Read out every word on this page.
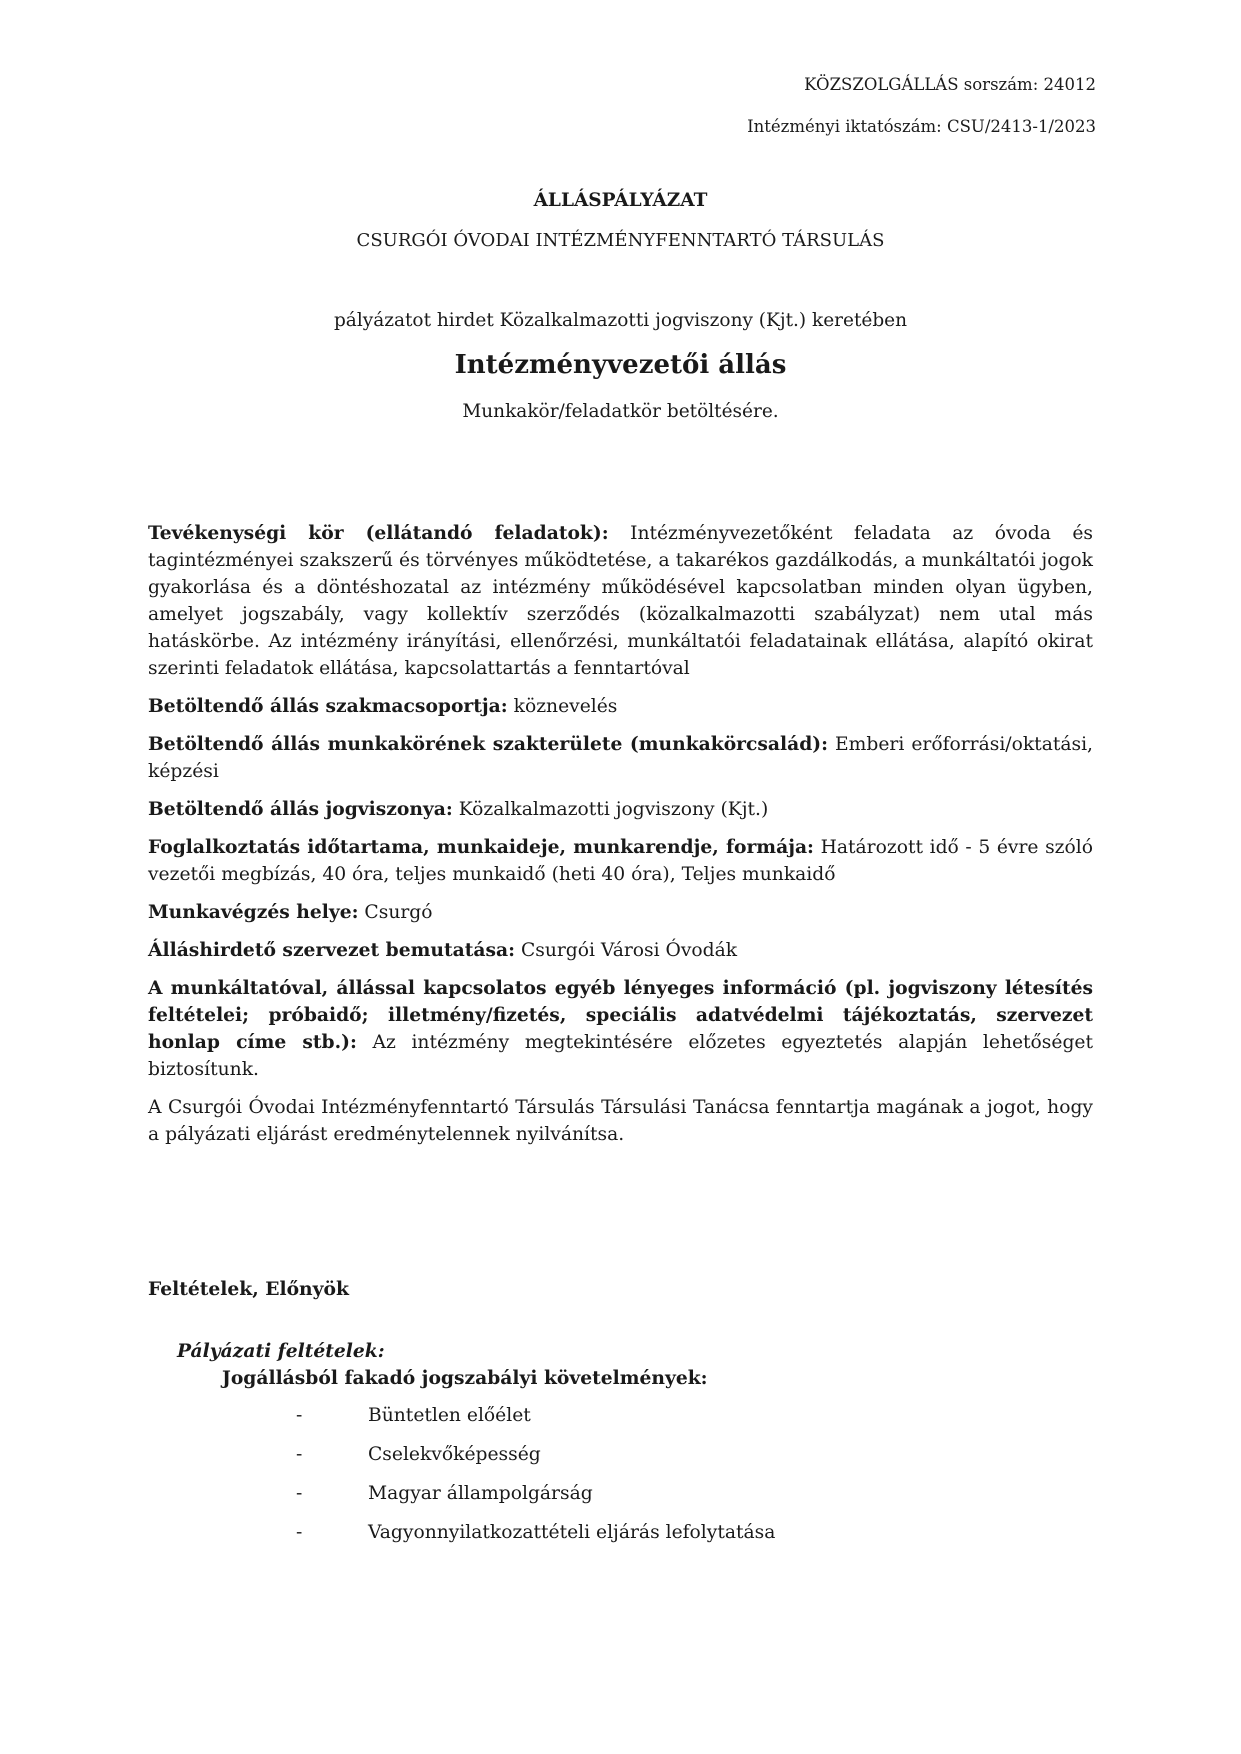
KÖZSZOLGÁLLÁS sorszám: 24012
Intézményi iktatószám: CSU/2413-1/2023
ÁLLÁSPÁLYÁZAT
CSURGÓI ÓVODAI INTÉZMÉNYFENNTARTÓ TÁRSULÁS
pályázatot hirdet Közalkalmazotti jogviszony (Kjt.) keretében
Intézményvezetői állás
Munkakör/feladatkör betöltésére.

Tevékenységi kör (ellátandó feladatok): Intézményvezetőként feladata az óvoda és tagintézményei szakszerű és törvényes működtetése, a takarékos gazdálkodás, a munkáltatói jogok gyakorlása és a döntéshozatal az intézmény működésével kapcsolatban minden olyan ügyben, amelyet jogszabály, vagy kollektív szerződés (közalkalmazotti szabályzat) nem utal más hatáskörbe. Az intézmény irányítási, ellenőrzési, munkáltatói feladatainak ellátása, alapító okirat szerinti feladatok ellátása, kapcsolattartás a fenntartóval

Betöltendő állás szakmacsoportja: köznevelés

Betöltendő állás munkakörének szakterülete (munkakörcsalád): Emberi erőforrási/oktatási, képzési

Betöltendő állás jogviszonya: Közalkalmazotti jogviszony (Kjt.)

Foglalkoztatás időtartama, munkaideje, munkarendje, formája: Határozott idő - 5 évre szóló vezetői megbízás, 40 óra, teljes munkaidő (heti 40 óra), Teljes munkaidő

Munkavégzés helye: Csurgó

Álláshirdető szervezet bemutatása: Csurgói Városi Óvodák

A munkáltatóval, állással kapcsolatos egyéb lényeges információ (pl. jogviszony létesítés feltételei; próbaidő; illetmény/fizetés, speciális adatvédelmi tájékoztatás, szervezet honlap címe stb.): Az intézmény megtekintésére előzetes egyeztetés alapján lehetőséget biztosítunk.

A Csurgói Óvodai Intézményfenntartó Társulás Társulási Tanácsa fenntartja magának a jogot, hogy a pályázati eljárást eredménytelennek nyilvánítsa.

Feltételek, Előnyök

Pályázati feltételek:

Jogállásból fakadó jogszabályi követelmények:

-	Büntetlen előélet
-	Cselekvőképesség
-	Magyar állampolgárság
-	Vagyonnyilatkozattételi eljárás lefolytatása
